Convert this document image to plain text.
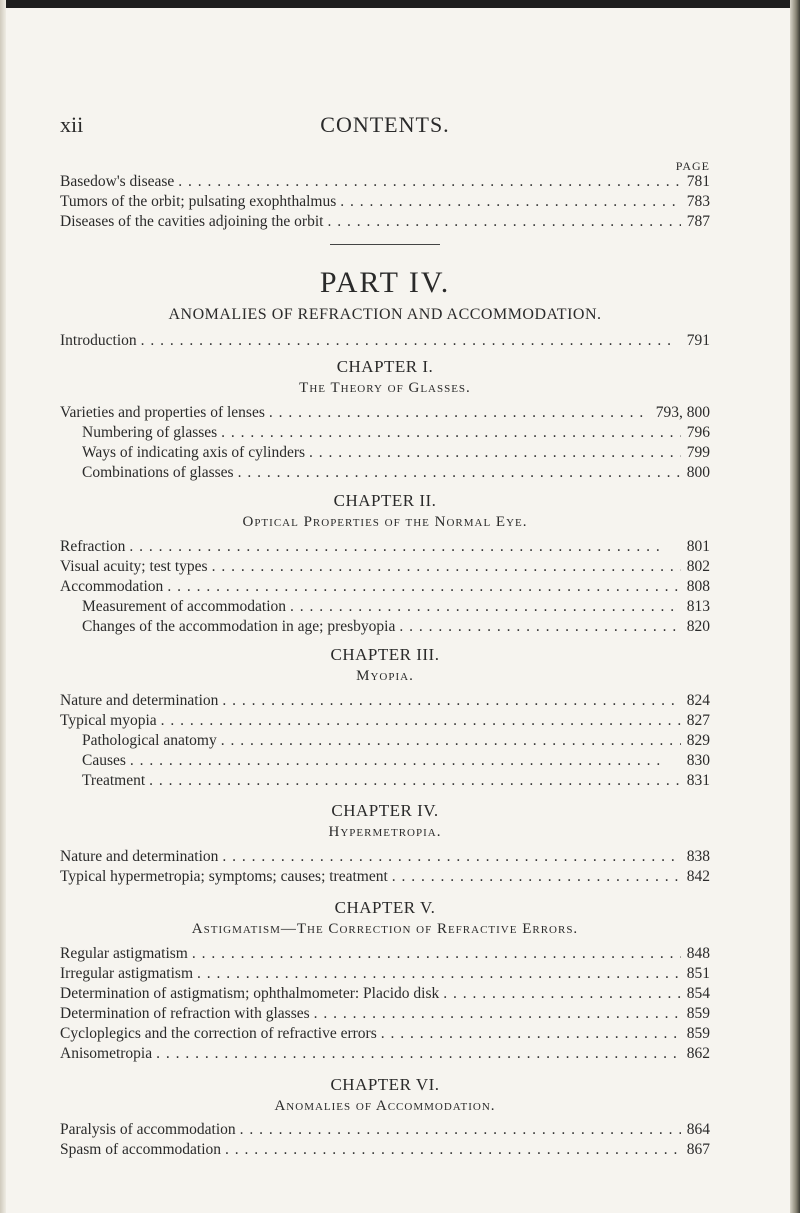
xii	CONTENTS.
PAGE
Basedow's disease . . .	781
Tumors of the orbit; pulsating exophthalmus . . .	783
Diseases of the cavities adjoining the orbit . . .	787
PART IV.
ANOMALIES OF REFRACTION AND ACCOMMODATION.
Introduction . . .	791
CHAPTER I.
The Theory of Glasses.
Varieties and properties of lenses . . .	793, 800
Numbering of glasses . . .	796
Ways of indicating axis of cylinders . . .	799
Combinations of glasses . . .	800
CHAPTER II.
Optical Properties of the Normal Eye.
Refraction . . .	801
Visual acuity; test types . . .	802
Accommodation . . .	808
Measurement of accommodation . . .	813
Changes of the accommodation in age; presbyopia . . .	820
CHAPTER III.
Myopia.
Nature and determination . . .	824
Typical myopia . . .	827
Pathological anatomy . . .	829
Causes . . .	830
Treatment . . .	831
CHAPTER IV.
Hypermetropia.
Nature and determination . . .	838
Typical hypermetropia; symptoms; causes; treatment . . .	842
CHAPTER V.
Astigmatism—The Correction of Refractive Errors.
Regular astigmatism . . .	848
Irregular astigmatism . . .	851
Determination of astigmatism; ophthalmometer: Placido disk . . .	854
Determination of refraction with glasses . . .	859
Cycloplegics and the correction of refractive errors . . .	859
Anisometropia . . .	862
CHAPTER VI.
Anomalies of Accommodation.
Paralysis of accommodation . . .	864
Spasm of accommodation . . .	867
